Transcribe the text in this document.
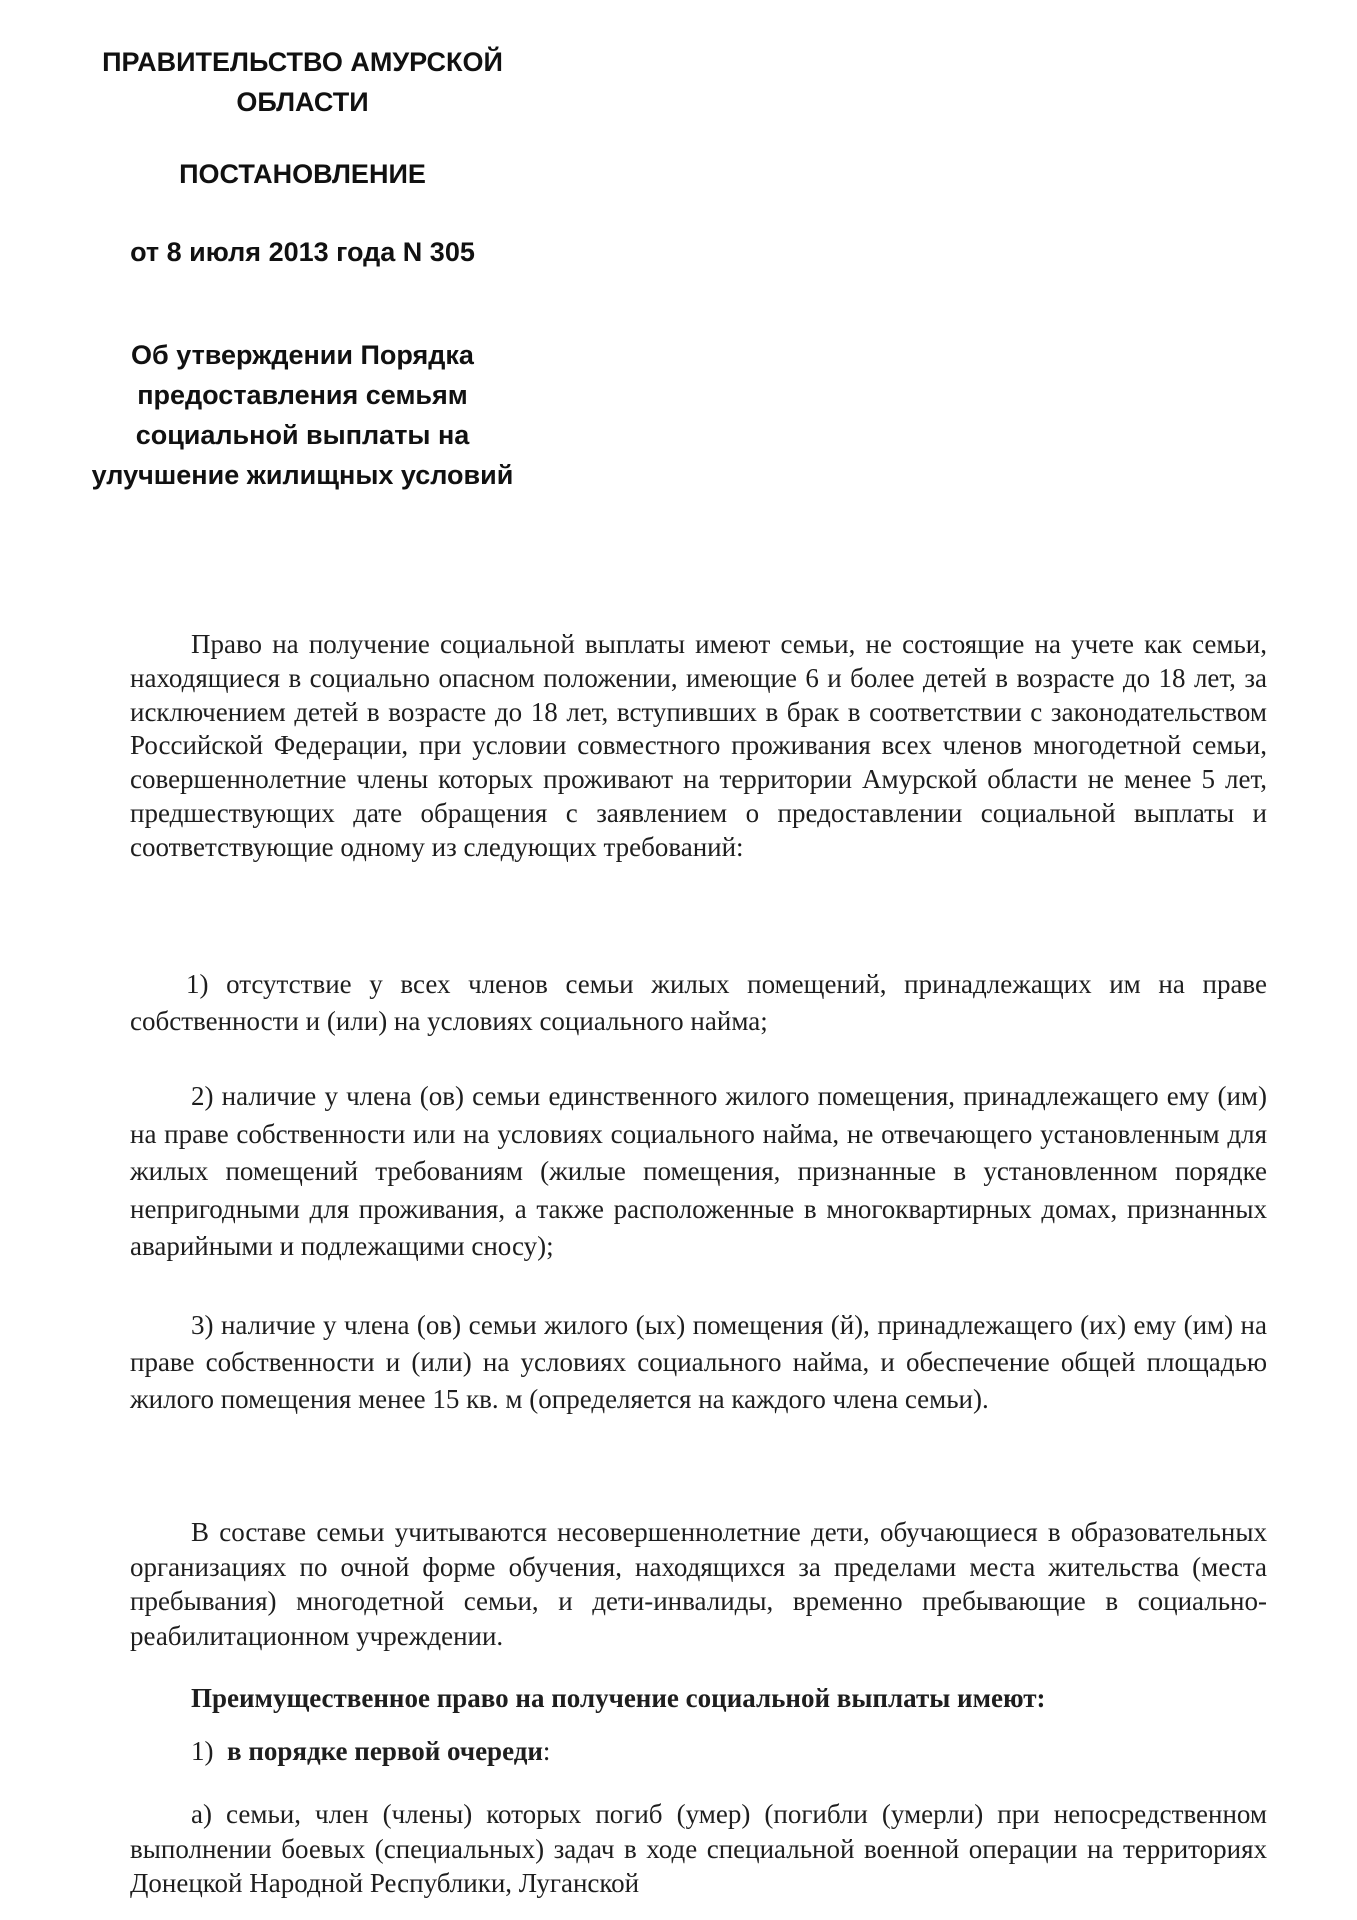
ПРАВИТЕЛЬСТВО АМУРСКОЙ
ОБЛАСТИ
ПОСТАНОВЛЕНИЕ
от 8 июля 2013 года N 305
Об утверждении Порядка
предоставления семьям
социальной выплаты на
улучшение жилищных условий

Право на получение социальной выплаты имеют семьи, не состоящие на учете как семьи, находящиеся в социально опасном положении, имеющие 6 и более детей в возрасте до 18 лет, за исключением детей в возрасте до 18 лет, вступивших в брак в соответствии с законодательством Российской Федерации, при условии совместного проживания всех членов многодетной семьи, совершеннолетние члены которых проживают на территории Амурской области не менее 5 лет, предшествующих дате обращения с заявлением о предоставлении социальной выплаты и соответствующие одному из следующих требований:

1) отсутствие у всех членов семьи жилых помещений, принадлежащих им на праве собственности и (или) на условиях социального найма;

2) наличие у члена (ов) семьи единственного жилого помещения, принадлежащего ему (им) на праве собственности или на условиях социального найма, не отвечающего установленным для жилых помещений требованиям (жилые помещения, признанные в установленном порядке непригодными для проживания, а также расположенные в многоквартирных домах, признанных аварийными и подлежащими сносу);

3) наличие у члена (ов) семьи жилого (ых) помещения (й), принадлежащего (их) ему (им) на праве собственности и (или) на условиях социального найма, и обеспечение общей площадью жилого помещения менее 15 кв. м (определяется на каждого члена семьи).

В составе семьи учитываются несовершеннолетние дети, обучающиеся в образовательных организациях по очной форме обучения, находящихся за пределами места жительства (места пребывания) многодетной семьи, и дети-инвалиды, временно пребывающие в социально-реабилитационном учреждении.

Преимущественное право на получение социальной выплаты имеют:

1) в порядке первой очереди:

а) семьи, член (члены) которых погиб (умер) (погибли (умерли) при непосредственном выполнении боевых (специальных) задач в ходе специальной военной операции на территориях Донецкой Народной Республики, Луганской
